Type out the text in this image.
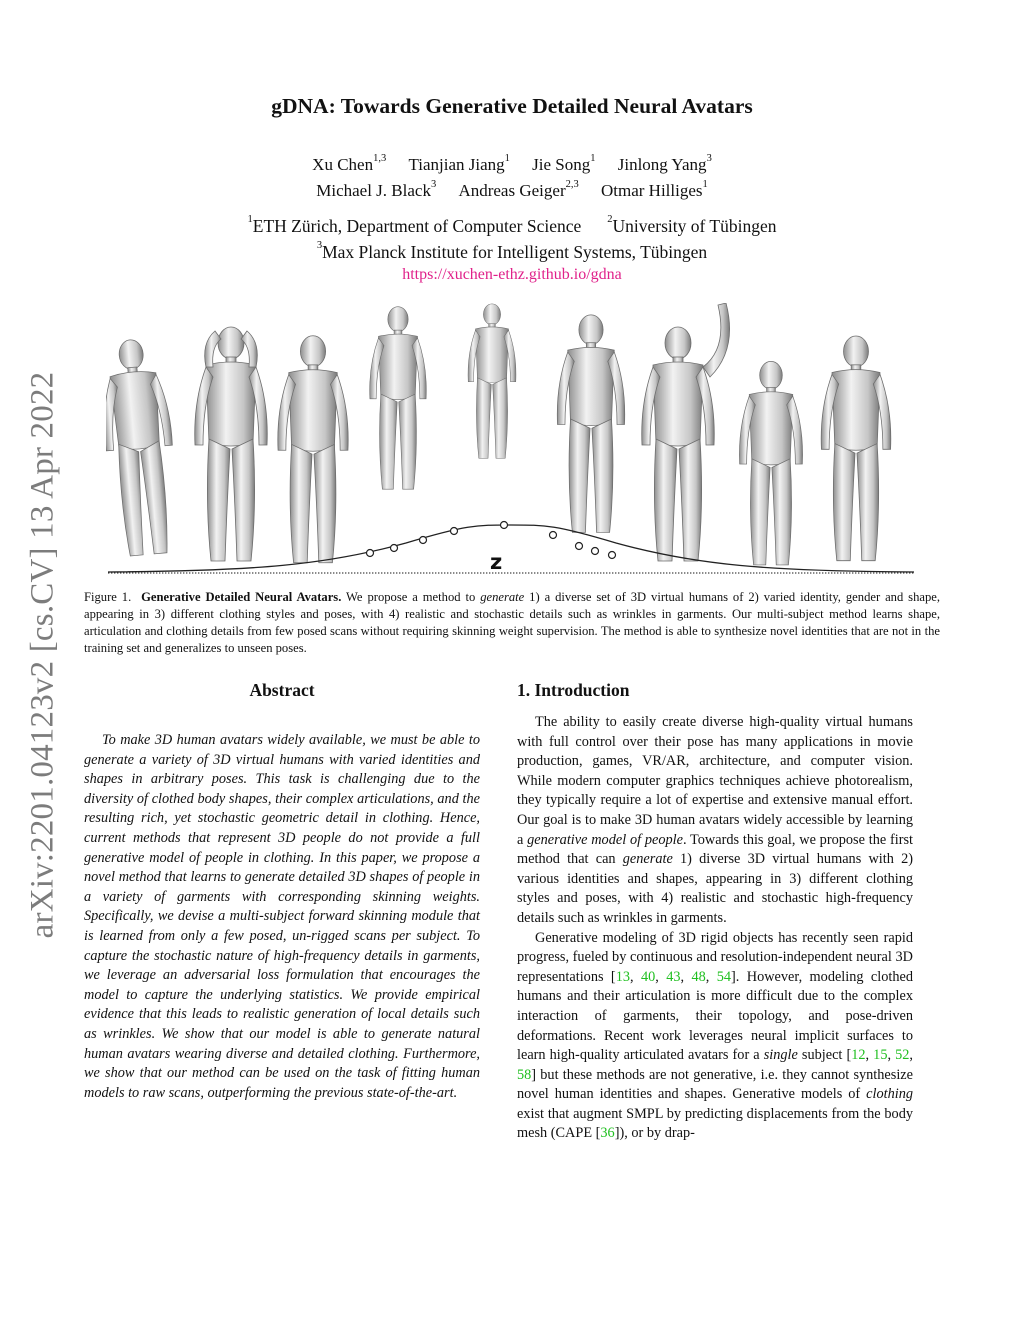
gDNA: Towards Generative Detailed Neural Avatars
Xu Chen$^{1,3}$ Tianjian Jiang$^1$ Jie Song$^1$ Jinlong Yang$^3$
Michael J. Black$^3$ Andreas Geiger$^{2,3}$ Otmar Hilliges$^1$
$^1$ETH Zürich, Department of Computer Science $^2$University of Tübingen
$^3$Max Planck Institute for Intelligent Systems, Tübingen
https://xuchen-ethz.github.io/gdna
arXiv:2201.04123v2 [cs.CV] 13 Apr 2022	z
Figure 1. Generative Detailed Neural Avatars. We propose a method to generate 1) a diverse set of 3D virtual humans of 2) varied identity, gender and shape, appearing in 3) different clothing styles and poses, with 4) realistic and stochastic details such as wrinkles in garments. Our multi-subject method learns shape, articulation and clothing details from few posed scans without requiring skinning weight supervision. The method is able to synthesize novel identities that are not in the training set and generalizes to unseen poses.
Abstract	1. Introduction
To make 3D human avatars widely available, we must be able to generate a variety of 3D virtual humans with varied identities and shapes in arbitrary poses. This task is challenging due to the diversity of clothed body shapes, their complex articulations, and the resulting rich, yet stochastic geometric detail in clothing. Hence, current methods that represent 3D people do not provide a full generative model of people in clothing. In this paper, we propose a novel method that learns to generate detailed 3D shapes of people in a variety of garments with corresponding skinning weights. Specifically, we devise a multi-subject forward skinning module that is learned from only a few posed, un-rigged scans per subject. To capture the stochastic nature of high-frequency details in garments, we leverage an adversarial loss formulation that encourages the model to capture the underlying statistics. We provide empirical evidence that this leads to realistic generation of local details such as wrinkles. We show that our model is able to generate natural human avatars wearing diverse and detailed clothing. Furthermore, we show that our method can be used on the task of fitting human models to raw scans, outperforming the previous state-of-the-art.

The ability to easily create diverse high-quality virtual humans with full control over their pose has many applications in movie production, games, VR/AR, architecture, and computer vision. While modern computer graphics techniques achieve photorealism, they typically require a lot of expertise and extensive manual effort. Our goal is to make 3D human avatars widely accessible by learning a generative model of people. Towards this goal, we propose the first method that can generate 1) diverse 3D virtual humans with 2) various identities and shapes, appearing in 3) different clothing styles and poses, with 4) realistic and stochastic high-frequency details such as wrinkles in garments.

Generative modeling of 3D rigid objects has recently seen rapid progress, fueled by continuous and resolution-independent neural 3D representations [13, 40, 43, 48, 54]. However, modeling clothed humans and their articulation is more difficult due to the complex interaction of garments, their topology, and pose-driven deformations. Recent work leverages neural implicit surfaces to learn high-quality articulated avatars for a single subject [12, 15, 52, 58] but these methods are not generative, i.e. they cannot synthesize novel human identities and shapes. Generative models of clothing exist that augment SMPL by predicting displacements from the body mesh (CAPE [36]), or by drap-
